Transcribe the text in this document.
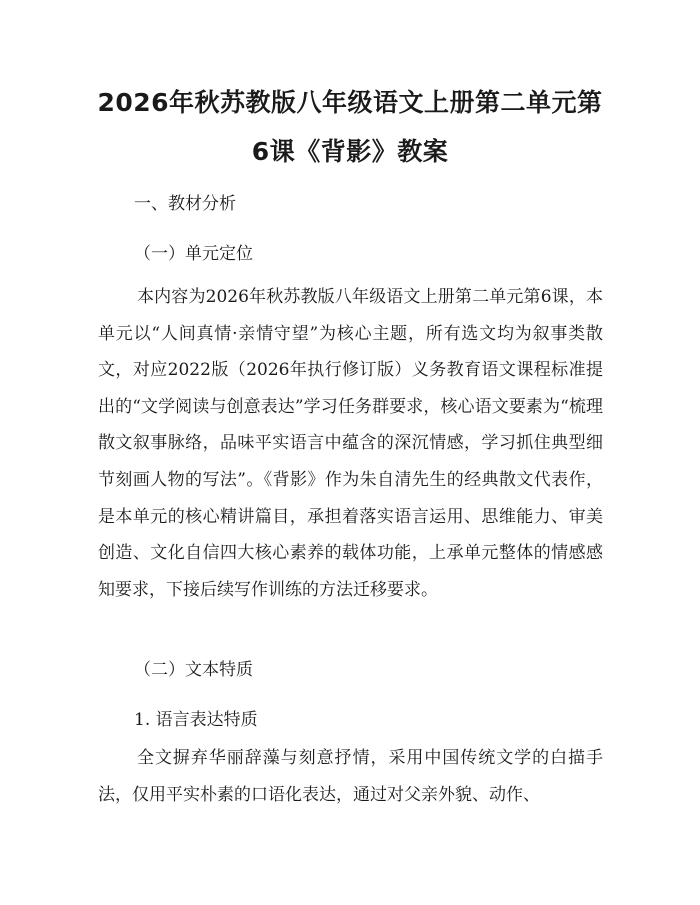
2026年秋苏教版八年级语文上册第二单元第
6课《背影》教案
一、教材分析
（一）单元定位
本内容为2026年秋苏教版八年级语文上册第二单元第6课，本单元以“人间真情·亲情守望”为核心主题，所有选文均为叙事类散文，对应2022版（2026年执行修订版）义务教育语文课程标准提出的“文学阅读与创意表达”学习任务群要求，核心语文要素为“梳理散文叙事脉络，品味平实语言中蕴含的深沉情感，学习抓住典型细节刻画人物的写法”。《背影》作为朱自清先生的经典散文代表作，是本单元的核心精讲篇目，承担着落实语言运用、思维能力、审美创造、文化自信四大核心素养的载体功能，上承单元整体的情感感知要求，下接后续写作训练的方法迁移要求。
（二）文本特质
1. 语言表达特质
全文摒弃华丽辞藻与刻意抒情，采用中国传统文学的白描手法，仅用平实朴素的口语化表达，通过对父亲外貌、动作、
